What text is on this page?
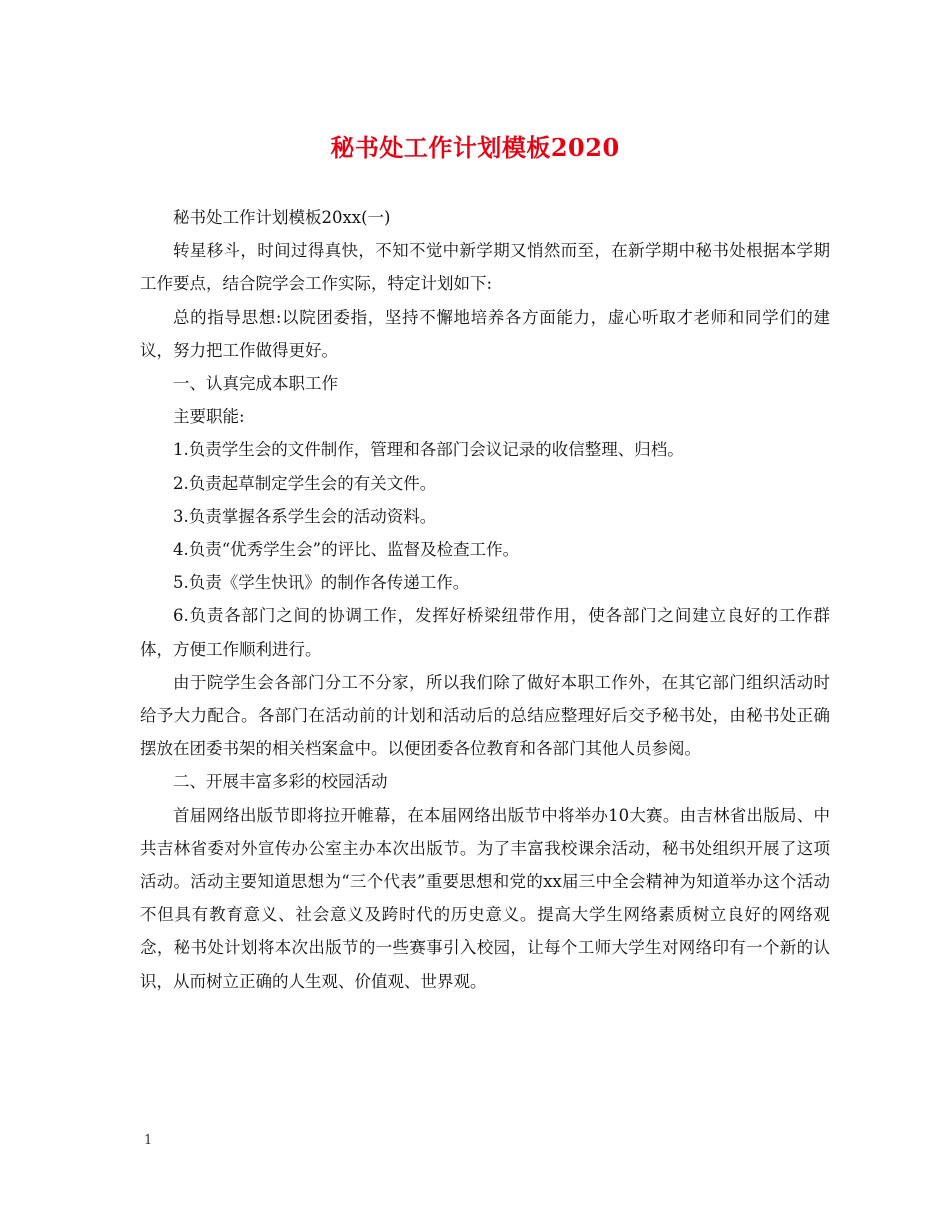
秘书处工作计划模板2020

秘书处工作计划模板20xx(一)

转星移斗，时间过得真快，不知不觉中新学期又悄然而至，在新学期中秘书处根据本学期工作要点，结合院学会工作实际，特定计划如下:

总的指导思想:以院团委指，坚持不懈地培养各方面能力，虚心听取才老师和同学们的建议，努力把工作做得更好。

一、认真完成本职工作

主要职能:

1.负责学生会的文件制作，管理和各部门会议记录的收信整理、归档。

2.负责起草制定学生会的有关文件。

3.负责掌握各系学生会的活动资料。

4.负责“优秀学生会”的评比、监督及检查工作。

5.负责《学生快讯》的制作各传递工作。

6.负责各部门之间的协调工作，发挥好桥梁纽带作用，使各部门之间建立良好的工作群体，方便工作顺利进行。

由于院学生会各部门分工不分家，所以我们除了做好本职工作外，在其它部门组织活动时给予大力配合。各部门在活动前的计划和活动后的总结应整理好后交予秘书处，由秘书处正确摆放在团委书架的相关档案盒中。以便团委各位教育和各部门其他人员参阅。

二、开展丰富多彩的校园活动

首届网络出版节即将拉开帷幕，在本届网络出版节中将举办10大赛。由吉林省出版局、中共吉林省委对外宣传办公室主办本次出版节。为了丰富我校课余活动，秘书处组织开展了这项活动。活动主要知道思想为“三个代表”重要思想和党的xx届三中全会精神为知道举办这个活动不但具有教育意义、社会意义及跨时代的历史意义。提高大学生网络素质树立良好的网络观念，秘书处计划将本次出版节的一些赛事引入校园，让每个工师大学生对网络印有一个新的认识，从而树立正确的人生观、价值观、世界观。

1
